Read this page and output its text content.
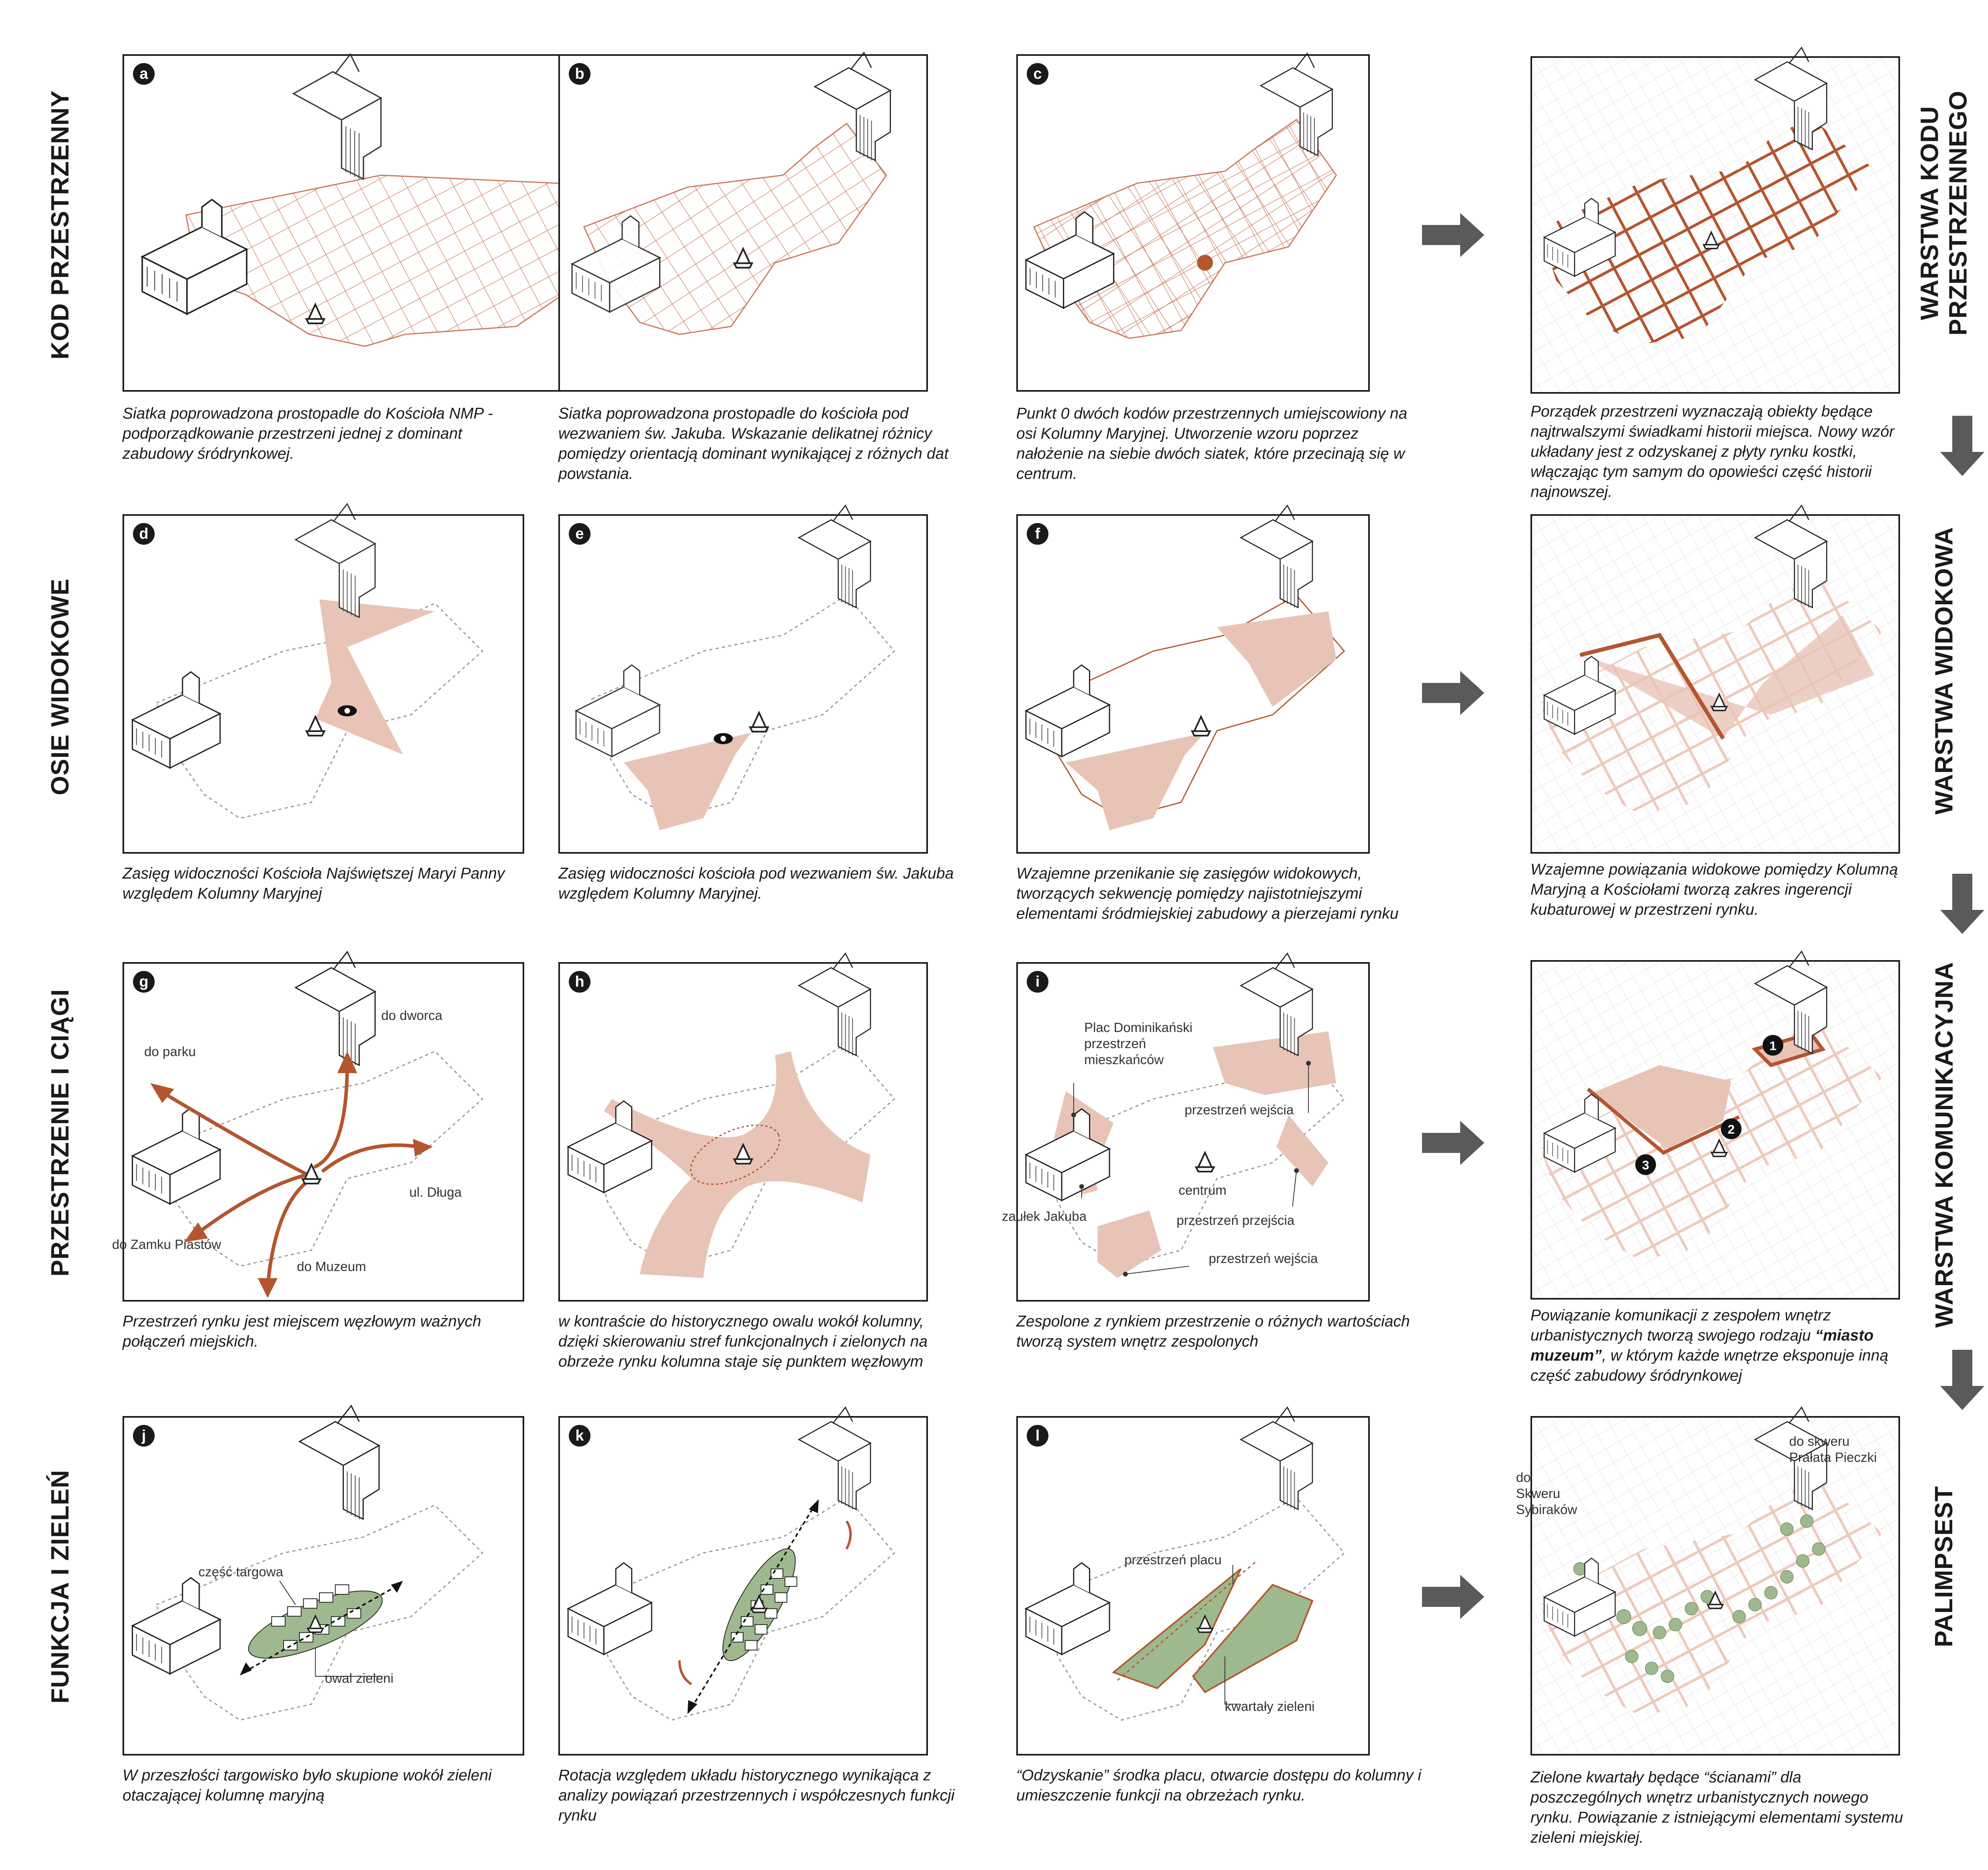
KOD PRZESTRZENNY
OSIE WIDOKOWE
PRZESTRZENIE I CIĄGI
FUNKCJA I ZIELEŃ
WARSTWA KODU
PRZESTRZENNEGO
WARSTWA WIDOKOWA
WARSTWA KOMUNIKACYJNA
PALIMPSEST
a
Siatka poprowadzona prostopadle do Kościoła NMP - podporządkowanie przestrzeni jednej z dominant zabudowy śródrynkowej.
b
Siatka poprowadzona prostopadle do kościoła pod wezwaniem św. Jakuba. Wskazanie delikatnej różnicy pomiędzy orientacją dominant wynikającej z różnych dat powstania.
c
Punkt 0 dwóch kodów przestrzennych umiejscowiony na osi Kolumny Maryjnej. Utworzenie wzoru poprzez nałożenie na siebie dwóch siatek, które przecinają się w centrum.
Porządek przestrzeni wyznaczają obiekty będące najtrwalszymi świadkami historii miejsca. Nowy wzór układany jest z odzyskanej z płyty rynku kostki, włączając tym samym do opowieści część historii najnowszej.
d
Zasięg widoczności Kościoła Najświętszej Maryi Panny względem Kolumny Maryjnej
e
Zasięg widoczności kościoła pod wezwaniem św. Jakuba względem Kolumny Maryjnej.
f
Wzajemne przenikanie się zasięgów widokowych, tworzących sekwencję pomiędzy najistotniejszymi elementami śródmiejskiej zabudowy a pierzejami rynku
Wzajemne powiązania widokowe pomiędzy Kolumną Maryjną a Kościołami tworzą zakres ingerencji kubaturowej w przestrzeni rynku.
g
do dworca
do parku
ul. Długa
do Zamku Piastów
do Muzeum
Przestrzeń rynku jest miejscem węzłowym ważnych połączeń miejskich.
h
w kontraście do historycznego owalu wokół kolumny, dzięki skierowaniu stref funkcjonalnych i zielonych na obrzeże rynku kolumna staje się punktem węzłowym
i
Plac Dominikański
przestrzeń
mieszkańców
przestrzeń wejścia
centrum
zaułek Jakuba	przestrzeń przejścia
przestrzeń wejścia
Zespolone z rynkiem przestrzenie o różnych wartościach tworzą system wnętrz zespolonych
1
2
3
Powiązanie komunikacji z zespołem wnętrz urbanistycznych tworzą swojego rodzaju “miasto muzeum”, w którym każde wnętrze eksponuje inną część zabudowy śródrynkowej
j
część targowa
owal zieleni
W przeszłości targowisko było skupione wokół zieleni otaczającej kolumnę maryjną
k
Rotacja względem układu historycznego wynikająca z analizy powiązań przestrzennych i współczesnych funkcji rynku
l
przestrzeń placu
kwartały zieleni
“Odzyskanie” środka placu, otwarcie dostępu do kolumny i umieszczenie funkcji na obrzeżach rynku.
do skweru
Prałata Pieczki
do
Skweru
Sybiraków
Zielone kwartały będące “ścianami” dla poszczególnych wnętrz urbanistycznych nowego rynku. Powiązanie z istniejącymi elementami systemu zieleni miejskiej.
